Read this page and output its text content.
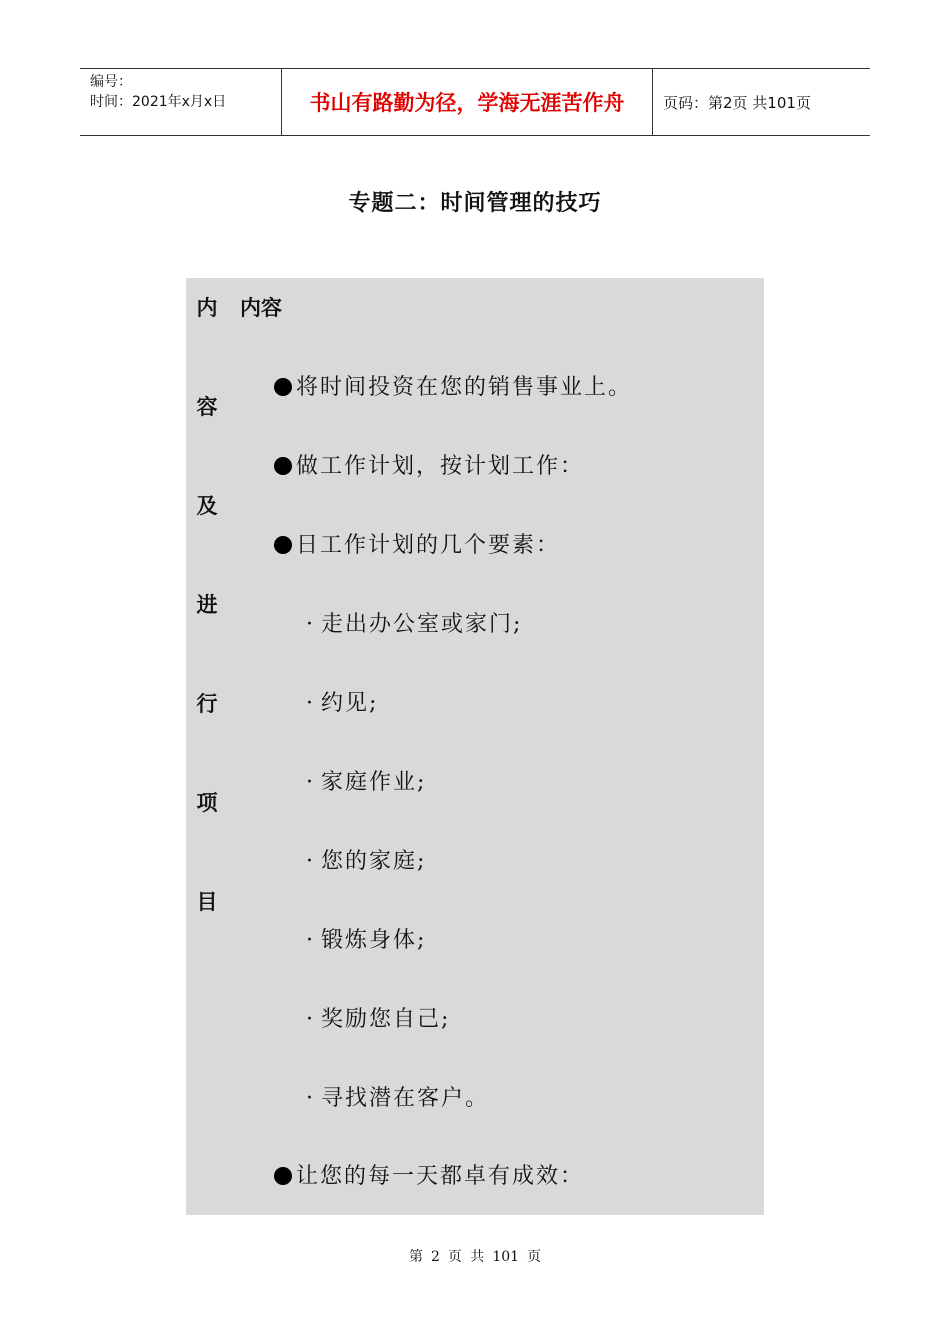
编号：
时间：2021年x月x日	书山有路勤为径，学海无涯苦作舟	页码：第2页 共101页
专题二：时间管理的技巧
内
容
及
进
行
项
目
内容
将时间投资在您的销售事业上。
做工作计划，按计划工作：
日工作计划的几个要素：
· 走出办公室或家门;
· 约见;
· 家庭作业;
· 您的家庭;
· 锻炼身体;
· 奖励您自己;
· 寻找潜在客户。
让您的每一天都卓有成效：
第 2 页 共 101 页
